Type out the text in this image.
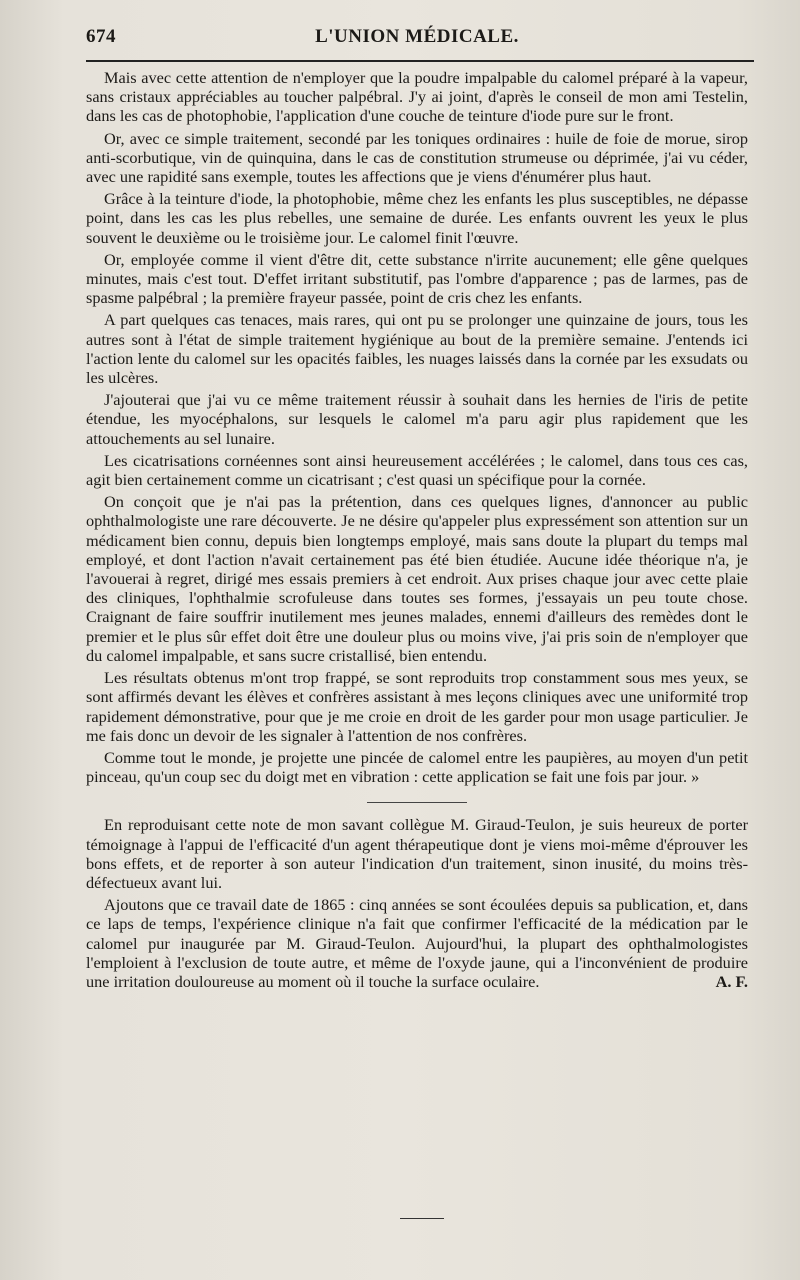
674	L'UNION MÉDICALE.

Mais avec cette attention de n'employer que la poudre impalpable du calomel préparé à la vapeur, sans cristaux appréciables au toucher palpébral. J'y ai joint, d'après le conseil de mon ami Testelin, dans les cas de photophobie, l'application d'une couche de teinture d'iode pure sur le front.

Or, avec ce simple traitement, secondé par les toniques ordinaires : huile de foie de morue, sirop anti-scorbutique, vin de quinquina, dans le cas de constitution strumeuse ou déprimée, j'ai vu céder, avec une rapidité sans exemple, toutes les affections que je viens d'énumérer plus haut.

Grâce à la teinture d'iode, la photophobie, même chez les enfants les plus susceptibles, ne dépasse point, dans les cas les plus rebelles, une semaine de durée. Les enfants ouvrent les yeux le plus souvent le deuxième ou le troisième jour. Le calomel finit l'œuvre.

Or, employée comme il vient d'être dit, cette substance n'irrite aucunement; elle gêne quelques minutes, mais c'est tout. D'effet irritant substitutif, pas l'ombre d'apparence ; pas de larmes, pas de spasme palpébral ; la première frayeur passée, point de cris chez les enfants.

A part quelques cas tenaces, mais rares, qui ont pu se prolonger une quinzaine de jours, tous les autres sont à l'état de simple traitement hygiénique au bout de la première semaine. J'entends ici l'action lente du calomel sur les opacités faibles, les nuages laissés dans la cornée par les exsudats ou les ulcères.

J'ajouterai que j'ai vu ce même traitement réussir à souhait dans les hernies de l'iris de petite étendue, les myocéphalons, sur lesquels le calomel m'a paru agir plus rapidement que les attouchements au sel lunaire.

Les cicatrisations cornéennes sont ainsi heureusement accélérées ; le calomel, dans tous ces cas, agit bien certainement comme un cicatrisant ; c'est quasi un spécifique pour la cornée.

On conçoit que je n'ai pas la prétention, dans ces quelques lignes, d'annoncer au public ophthalmologiste une rare découverte. Je ne désire qu'appeler plus expressément son attention sur un médicament bien connu, depuis bien longtemps employé, mais sans doute la plupart du temps mal employé, et dont l'action n'avait certainement pas été bien étudiée. Aucune idée théorique n'a, je l'avouerai à regret, dirigé mes essais premiers à cet endroit. Aux prises chaque jour avec cette plaie des cliniques, l'ophthalmie scrofuleuse dans toutes ses formes, j'essayais un peu toute chose. Craignant de faire souffrir inutilement mes jeunes malades, ennemi d'ailleurs des remèdes dont le premier et le plus sûr effet doit être une douleur plus ou moins vive, j'ai pris soin de n'employer que du calomel impalpable, et sans sucre cristallisé, bien entendu.

Les résultats obtenus m'ont trop frappé, se sont reproduits trop constamment sous mes yeux, se sont affirmés devant les élèves et confrères assistant à mes leçons cliniques avec une uniformité trop rapidement démonstrative, pour que je me croie en droit de les garder pour mon usage particulier. Je me fais donc un devoir de les signaler à l'attention de nos confrères.

Comme tout le monde, je projette une pincée de calomel entre les paupières, au moyen d'un petit pinceau, qu'un coup sec du doigt met en vibration : cette application se fait une fois par jour. »

En reproduisant cette note de mon savant collègue M. Giraud-Teulon, je suis heureux de porter témoignage à l'appui de l'efficacité d'un agent thérapeutique dont je viens moi-même d'éprouver les bons effets, et de reporter à son auteur l'indication d'un traitement, sinon inusité, du moins très-défectueux avant lui.

Ajoutons que ce travail date de 1865 : cinq années se sont écoulées depuis sa publication, et, dans ce laps de temps, l'expérience clinique n'a fait que confirmer l'efficacité de la médication par le calomel pur inaugurée par M. Giraud-Teulon. Aujourd'hui, la plupart des ophthalmologistes l'emploient à l'exclusion de toute autre, et même de l'oxyde jaune, qui a l'inconvénient de produire une irritation douloureuse au moment où il touche la surface oculaire.	A. F.
